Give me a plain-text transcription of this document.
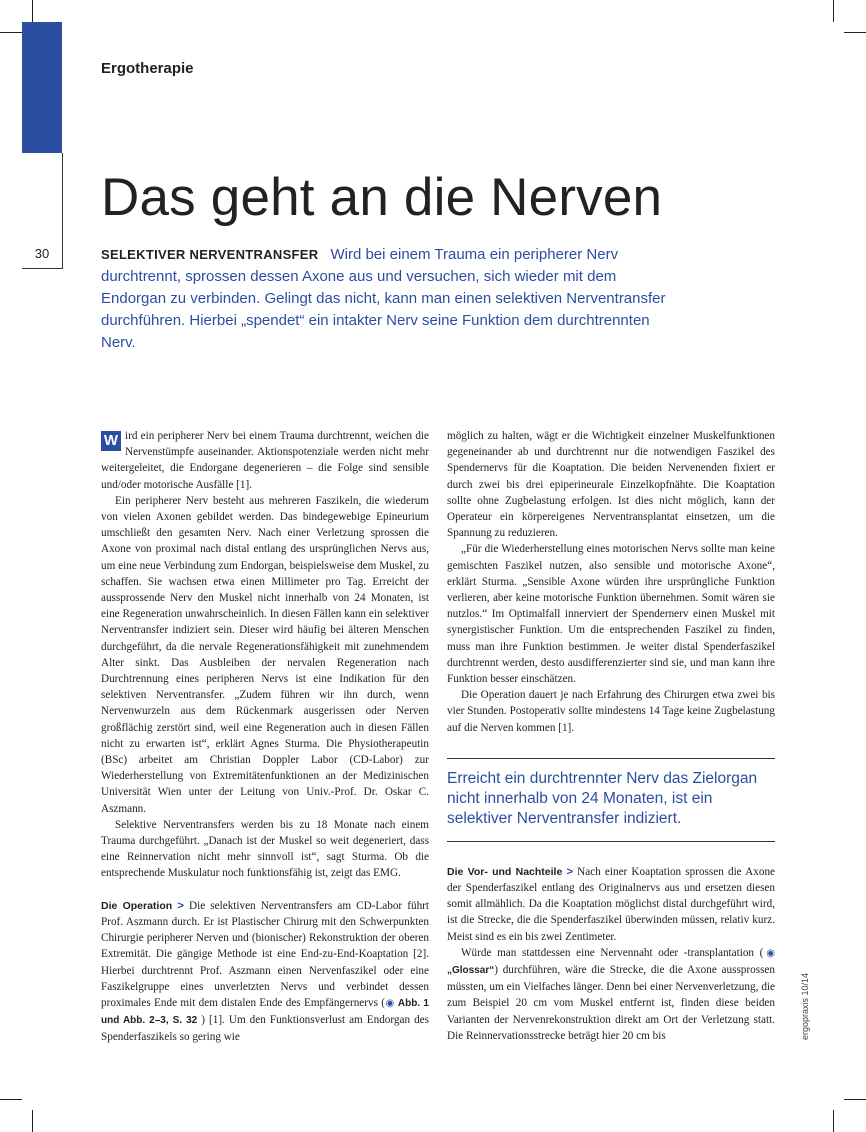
30
Ergotherapie
Das geht an die Nerven
SELEKTIVER NERVENTRANSFER Wird bei einem Trauma ein peripherer Nerv durchtrennt, sprossen dessen Axone aus und versuchen, sich wieder mit dem Endorgan zu verbinden. Gelingt das nicht, kann man einen selektiven Nerventransfer durchführen. Hierbei „spendet“ ein intakter Nerv seine Funktion dem durchtrennten Nerv.

W ird ein peripherer Nerv bei einem Trauma durchtrennt, weichen die Nervenstümpfe auseinander. Aktionspotenziale werden nicht mehr weitergeleitet, die Endorgane degenerieren – die Folge sind sensible und/oder motorische Ausfälle [1].

Ein peripherer Nerv besteht aus mehreren Faszikeln, die wiederum von vielen Axonen gebildet werden. Das bindegewebige Epineurium umschließt den gesamten Nerv. Nach einer Verletzung sprossen die Axone von proximal nach distal entlang des ursprünglichen Nervs aus, um eine neue Verbindung zum Endorgan, beispielsweise dem Muskel, zu schaffen. Sie wachsen etwa einen Millimeter pro Tag. Erreicht der aussprossende Nerv den Muskel nicht innerhalb von 24 Monaten, ist eine Regeneration unwahrscheinlich. In diesen Fällen kann ein selektiver Nerventransfer indiziert sein. Dieser wird häufig bei älteren Menschen durchgeführt, da die nervale Regenerationsfähigkeit mit zunehmendem Alter sinkt. Das Ausbleiben der nervalen Regeneration nach Durchtrennung eines peripheren Nervs ist eine Indikation für den selektiven Nerventransfer. „Zudem führen wir ihn durch, wenn Nervenwurzeln aus dem Rückenmark ausgerissen oder Nerven großflächig zerstört sind, weil eine Regeneration auch in diesen Fällen nicht zu erwarten ist“, erklärt Agnes Sturma. Die Physiotherapeutin (BSc) arbeitet am Christian Doppler Labor (CD-Labor) zur Wiederherstellung von Extremitätenfunktionen an der Medizinischen Universität Wien unter der Leitung von Univ.-Prof. Dr. Oskar C. Aszmann.

Selektive Nerventransfers werden bis zu 18 Monate nach einem Trauma durchgeführt. „Danach ist der Muskel so weit degeneriert, dass eine Reinnervation nicht mehr sinnvoll ist“, sagt Sturma. Ob die entsprechende Muskulatur noch funktionsfähig ist, zeigt das EMG.

Die Operation > Die selektiven Nerventransfers am CD-Labor führt Prof. Aszmann durch. Er ist Plastischer Chirurg mit den Schwerpunkten Chirurgie peripherer Nerven und (bionischer) Rekonstruktion der oberen Extremität. Die gängige Methode ist eine End-zu-End-Koaptation [2]. Hierbei durchtrennt Prof. Aszmann einen Nervenfaszikel oder eine Faszikelgruppe eines unverletzten Nervs und verbindet dessen proximales Ende mit dem distalen Ende des Empfängernervs (◉ Abb. 1 und Abb. 2–3, S. 32 ) [1]. Um den Funktionsverlust am Endorgan des Spenderfaszikels so gering wie

möglich zu halten, wägt er die Wichtigkeit einzelner Muskelfunktionen gegeneinander ab und durchtrennt nur die notwendigen Faszikel des Spendernervs für die Koaptation. Die beiden Nervenenden fixiert er durch zwei bis drei epiperineurale Einzelkopfnähte. Die Koaptation sollte ohne Zugbelastung erfolgen. Ist dies nicht möglich, kann der Operateur ein körpereigenes Nerventransplantat einsetzen, um die Spannung zu reduzieren.

„Für die Wiederherstellung eines motorischen Nervs sollte man keine gemischten Faszikel nutzen, also sensible und motorische Axone“, erklärt Sturma. „Sensible Axone würden ihre ursprüngliche Funktion verlieren, aber keine motorische Funktion übernehmen. Somit wären sie nutzlos.“ Im Optimalfall innerviert der Spendernerv einen Muskel mit synergistischer Funktion. Um die entsprechenden Faszikel zu finden, muss man ihre Funktion bestimmen. Je weiter distal Spenderfaszikel durchtrennt werden, desto ausdifferenzierter sind sie, und man kann ihre Funktion besser einschätzen.

Die Operation dauert je nach Erfahrung des Chirurgen etwa zwei bis vier Stunden. Postoperativ sollte mindestens 14 Tage keine Zugbelastung auf die Nerven kommen [1].

Erreicht ein durchtrennter Nerv das Zielorgan nicht innerhalb von 24 Monaten, ist ein selektiver Nerventransfer indiziert.

Die Vor- und Nachteile > Nach einer Koaptation sprossen die Axone der Spenderfaszikel entlang des Originalnervs aus und ersetzen diesen somit allmählich. Da die Koaptation möglichst distal durchgeführt wird, ist die Strecke, die die Spenderfaszikel überwinden müssen, relativ kurz. Meist sind es ein bis zwei Zentimeter.

Würde man stattdessen eine Nervennaht oder -transplantation (◉ „Glossar“) durchführen, wäre die Strecke, die die Axone aussprossen müssten, um ein Vielfaches länger. Denn bei einer Nervenverletzung, die zum Beispiel 20 cm vom Muskel entfernt ist, finden diese beiden Varianten der Nervenrekonstruktion direkt am Ort der Verletzung statt. Die Reinnervationsstrecke beträgt hier 20 cm bis	ergopraxis 10/14
